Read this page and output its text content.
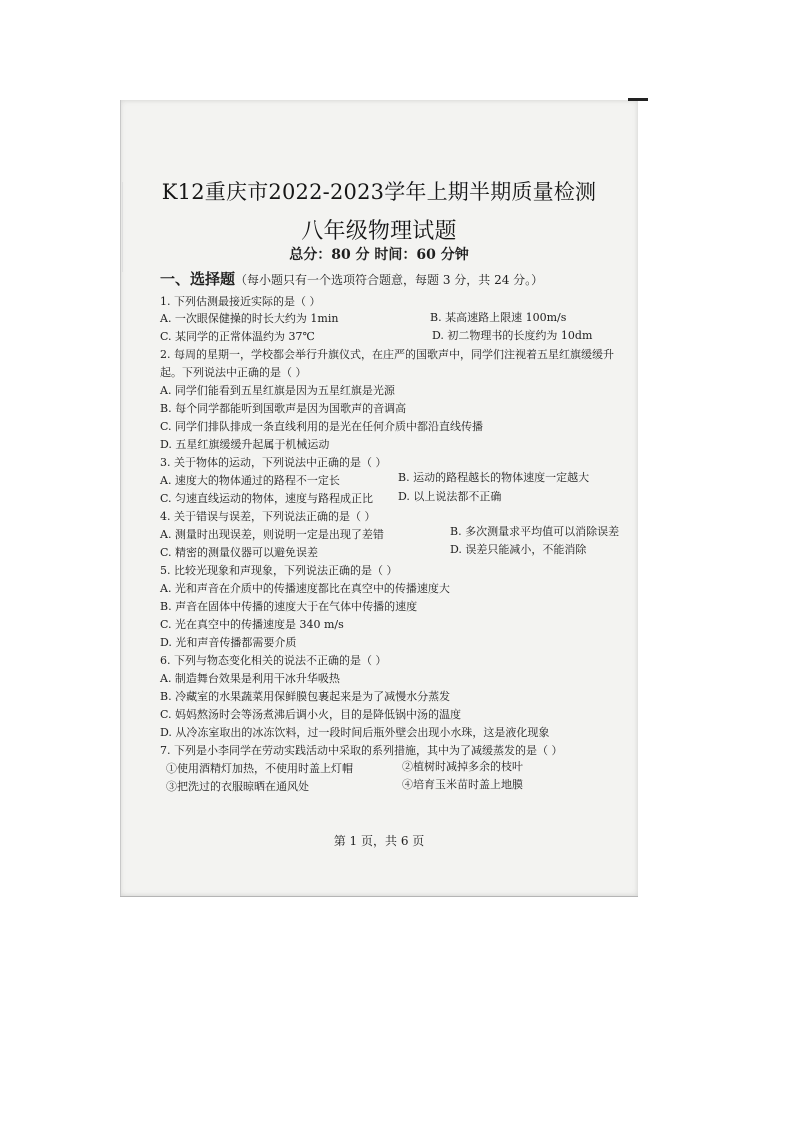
K12重庆市2022-2023学年上期半期质量检测
八年级物理试题
总分：80 分 时间：60 分钟
一、选择题（每小题只有一个选项符合题意，每题 3 分，共 24 分。）
1. 下列估测最接近实际的是（ ）
A. 一次眼保健操的时长大约为 1min	B. 某高速路上限速 100m/s
C. 某同学的正常体温约为 37℃	D. 初二物理书的长度约为 10dm
2. 每周的星期一，学校都会举行升旗仪式，在庄严的国歌声中，同学们注视着五星红旗缓缓升
起。下列说法中正确的是（ ）
A. 同学们能看到五星红旗是因为五星红旗是光源
B. 每个同学都能听到国歌声是因为国歌声的音调高
C. 同学们排队排成一条直线利用的是光在任何介质中都沿直线传播
D. 五星红旗缓缓升起属于机械运动
3. 关于物体的运动，下列说法中正确的是（ ）
A. 速度大的物体通过的路程不一定长	B. 运动的路程越长的物体速度一定越大
C. 匀速直线运动的物体，速度与路程成正比 D. 以上说法都不正确
4. 关于错误与误差，下列说法正确的是（ ）
A. 测量时出现误差，则说明一定是出现了差错	B. 多次测量求平均值可以消除误差
C. 精密的测量仪器可以避免误差	D. 误差只能减小，不能消除
5. 比较光现象和声现象，下列说法正确的是（ ）
A. 光和声音在介质中的传播速度都比在真空中的传播速度大
B. 声音在固体中传播的速度大于在气体中传播的速度
C. 光在真空中的传播速度是 340 m/s
D. 光和声音传播都需要介质
6. 下列与物态变化相关的说法不正确的是（ ）
A. 制造舞台效果是利用干冰升华吸热
B. 冷藏室的水果蔬菜用保鲜膜包裹起来是为了减慢水分蒸发
C. 妈妈熬汤时会等汤煮沸后调小火，目的是降低锅中汤的温度
D. 从冷冻室取出的冰冻饮料，过一段时间后瓶外壁会出现小水珠，这是液化现象
7. 下列是小李同学在劳动实践活动中采取的系列措施，其中为了减缓蒸发的是（ ）
①使用酒精灯加热，不使用时盖上灯帽	②植树时减掉多余的枝叶
③把洗过的衣服晾晒在通风处	④培育玉米苗时盖上地膜
第 1 页，共 6 页
